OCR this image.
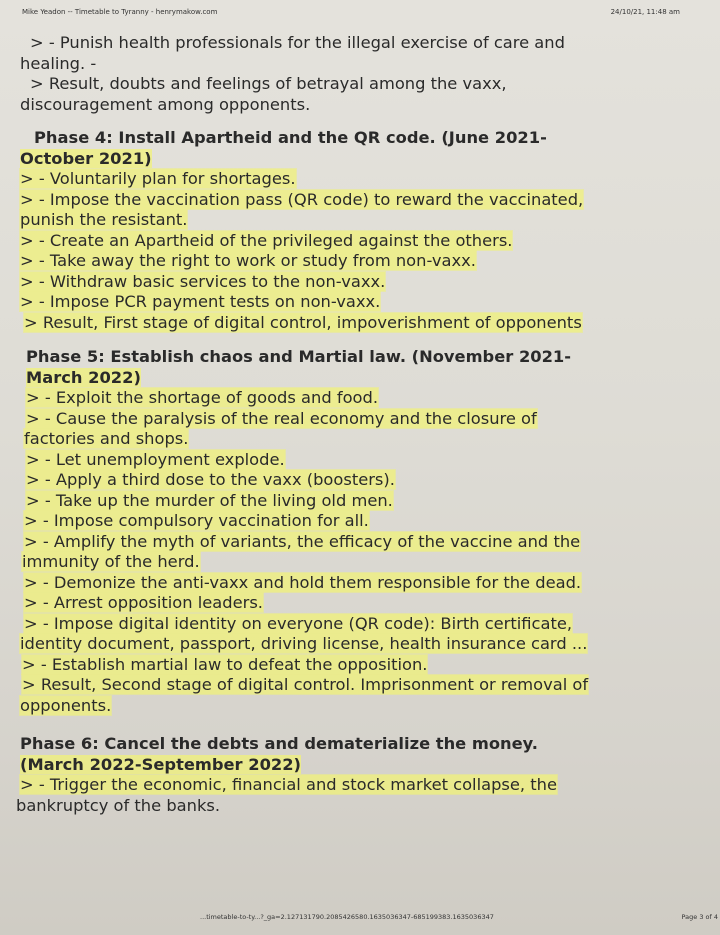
Mike Yeadon -- Timetable to Tyranny - henrymakow.com	24/10/21, 11:48 am
> - Punish health professionals for the illegal exercise of care and
healing. -
> Result, doubts and feelings of betrayal among the vaxx,
discouragement among opponents.
Phase 4: Install Apartheid and the QR code. (June 2021-
October 2021)
> - Voluntarily plan for shortages.
> - Impose the vaccination pass (QR code) to reward the vaccinated,
punish the resistant.
> - Create an Apartheid of the privileged against the others.
> - Take away the right to work or study from non-vaxx.
> - Withdraw basic services to the non-vaxx.
> - Impose PCR payment tests on non-vaxx.
> Result, First stage of digital control, impoverishment of opponents
Phase 5: Establish chaos and Martial law. (November 2021-
March 2022)
> - Exploit the shortage of goods and food.
> - Cause the paralysis of the real economy and the closure of
factories and shops.
> - Let unemployment explode.
> - Apply a third dose to the vaxx (boosters).
> - Take up the murder of the living old men.
> - Impose compulsory vaccination for all.
> - Amplify the myth of variants, the efficacy of the vaccine and the
immunity of the herd.
> - Demonize the anti-vaxx and hold them responsible for the dead.
> - Arrest opposition leaders.
> - Impose digital identity on everyone (QR code): Birth certificate,
identity document, passport, driving license, health insurance card ...
> - Establish martial law to defeat the opposition.
> Result, Second stage of digital control. Imprisonment or removal of
opponents.
Phase 6: Cancel the debts and dematerialize the money.
(March 2022-September 2022)
> - Trigger the economic, financial and stock market collapse, the
bankruptcy of the banks.
...timetable-to-ty...?_ga=2.127131790.2085426580.1635036347-685199383.1635036347	Page 3 of 4
